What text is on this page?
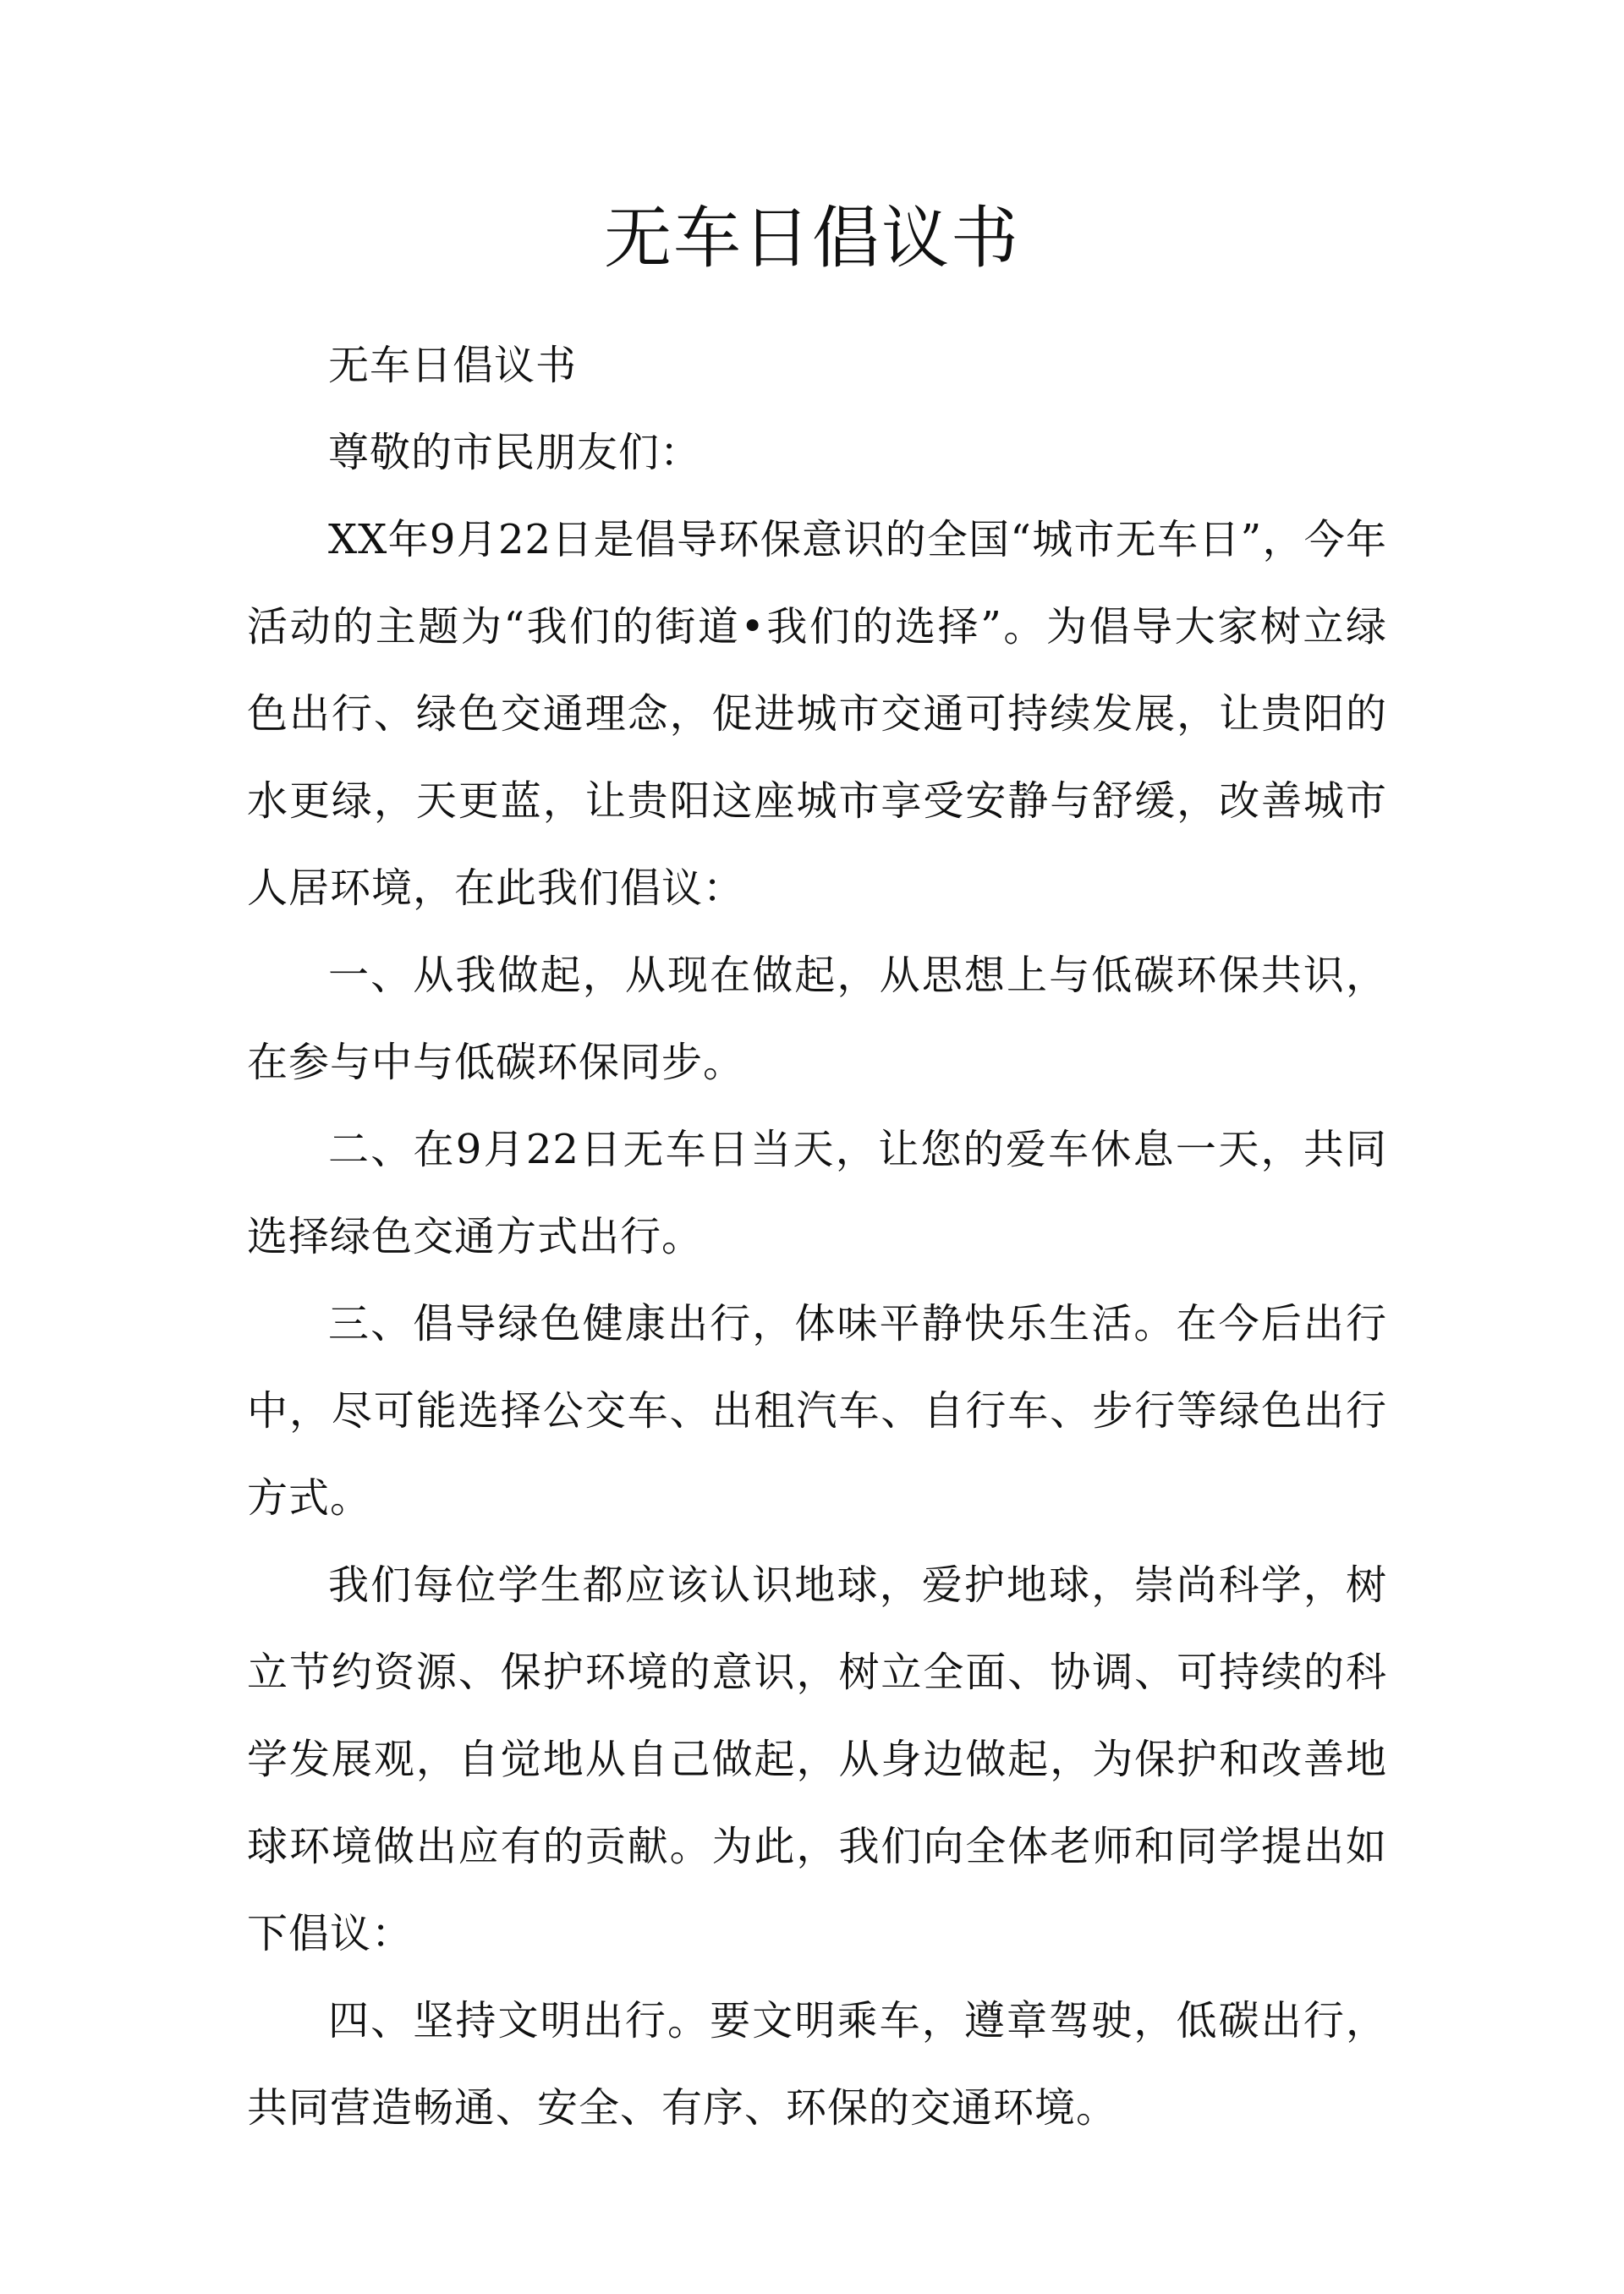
无车日倡议书

无车日倡议书

尊敬的市民朋友们：

XX年9月22日是倡导环保意识的全国“城市无车日”，今年活动的主题为“我们的街道•我们的选择”。为倡导大家树立绿色出行、绿色交通理念，促进城市交通可持续发展，让贵阳的水更绿，天更蓝，让贵阳这座城市享受安静与舒缓，改善城市人居环境，在此我们倡议：

一、从我做起，从现在做起，从思想上与低碳环保共识，在参与中与低碳环保同步。

二、在9月22日无车日当天，让您的爱车休息一天，共同选择绿色交通方式出行。

三、倡导绿色健康出行，体味平静快乐生活。在今后出行中，尽可能选择公交车、出租汽车、自行车、步行等绿色出行方式。

我们每位学生都应该认识地球，爱护地球，崇尚科学，树立节约资源、保护环境的意识，树立全面、协调、可持续的科学发展观，自觉地从自己做起，从身边做起，为保护和改善地球环境做出应有的贡献。为此，我们向全体老师和同学提出如下倡议：

四、坚持文明出行。要文明乘车，遵章驾驶，低碳出行，共同营造畅通、安全、有序、环保的交通环境。
